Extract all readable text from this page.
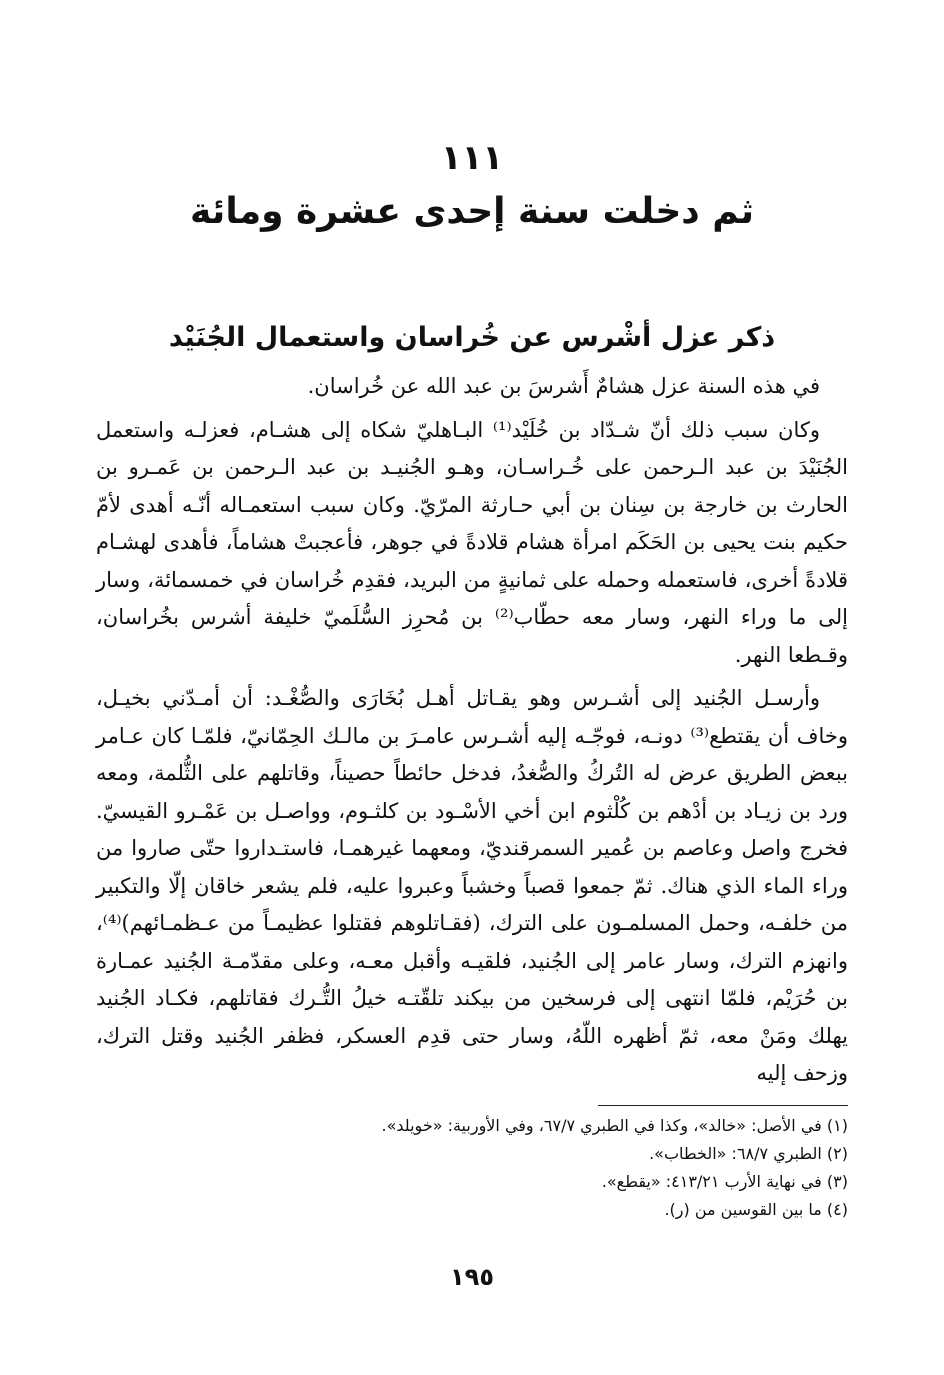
١١١
ثم دخلت سنة إحدى عشرة ومائة
ذكر عزل أشْرس عن خُراسان واستعمال الجُنَيْد

في هذه السنة عزل هشامٌ أَشرسَ بن عبد الله عن خُراسان.

وكان سبب ذلك أنّ شـدّاد بن خُلَيْد⁽¹⁾ البـاهليّ شكاه إلى هشـام، فعزلـه واستعمل الجُنَيْدَ بن عبد الـرحمن على خُـراسـان، وهـو الجُنيـد بن عبد الـرحمن بن عَمـرو بن الحارث بن خارجة بن سِنان بن أبي حـارثة المرّيّ. وكان سبب استعمـاله أنّـه أهدى لأمّ حكيم بنت يحيى بن الحَكَم امرأة هشام قلادةً في جوهر، فأعجبتْ هشاماً، فأهدى لهشـام قلادةً أخرى، فاستعمله وحمله على ثمانيةٍ من البريد، فقدِم خُراسان في خمسمائة، وسار إلى ما وراء النهر، وسار معه حطّاب⁽²⁾ بن مُحرِز السُّلَميّ خليفة أشرس بخُراسان، وقـطعا النهر.

وأرسـل الجُنيد إلى أشـرس وهو يقـاتل أهـل بُخَارَى والصُّغْـد: أن أمـدّني بخيـل، وخاف أن يقتطع⁽³⁾ دونـه، فوجّـه إليه أشـرس عامـرَ بن مالـك الحِمّانيّ، فلمّـا كان عـامر ببعض الطريق عرض له التُركُ والصُّغدُ، فدخل حائطاً حصيناً، وقاتلهم على الثُّلمة، ومعه ورد بن زيـاد بن أدْهم بن كُلْثوم ابن أخي الأسْـود بن كلثـوم، وواصـل بن عَمْـرو القيسيّ. فخرج واصل وعاصم بن عُمير السمرقنديّ، ومعهما غيرهمـا، فاستـداروا حتّى صاروا من وراء الماء الذي هناك. ثمّ جمعوا قصباً وخشباً وعبروا عليه، فلم يشعر خاقان إلّا والتكبير من خلفـه، وحمل المسلمـون على الترك، (فقـاتلوهم فقتلوا عظيمـاً من عـظمـائهم)⁽⁴⁾، وانهزم الترك، وسار عامر إلى الجُنيد، فلقيـه وأقبل معـه، وعلى مقدّمـة الجُنيد عمـارة بن حُرَيْم، فلمّا انتهى إلى فرسخين من بيكند تلقّتـه خيلُ التُّـرك فقاتلهم، فكـاد الجُنيد يهلك ومَنْ معه، ثمّ أظهره اللّهُ، وسار حتى قدِم العسكر، فظفر الجُنيد وقتل الترك، وزحف إليه

(١) في الأصل: «خالد»، وكذا في الطبري ٦٧/٧، وفي الأوربية: «خويلد».

(٢) الطبري ٦٨/٧: «الخطاب».

(٣) في نهاية الأرب ٤١٣/٢١: «يقطع».

(٤) ما بين القوسين من (ر).

١٩٥
